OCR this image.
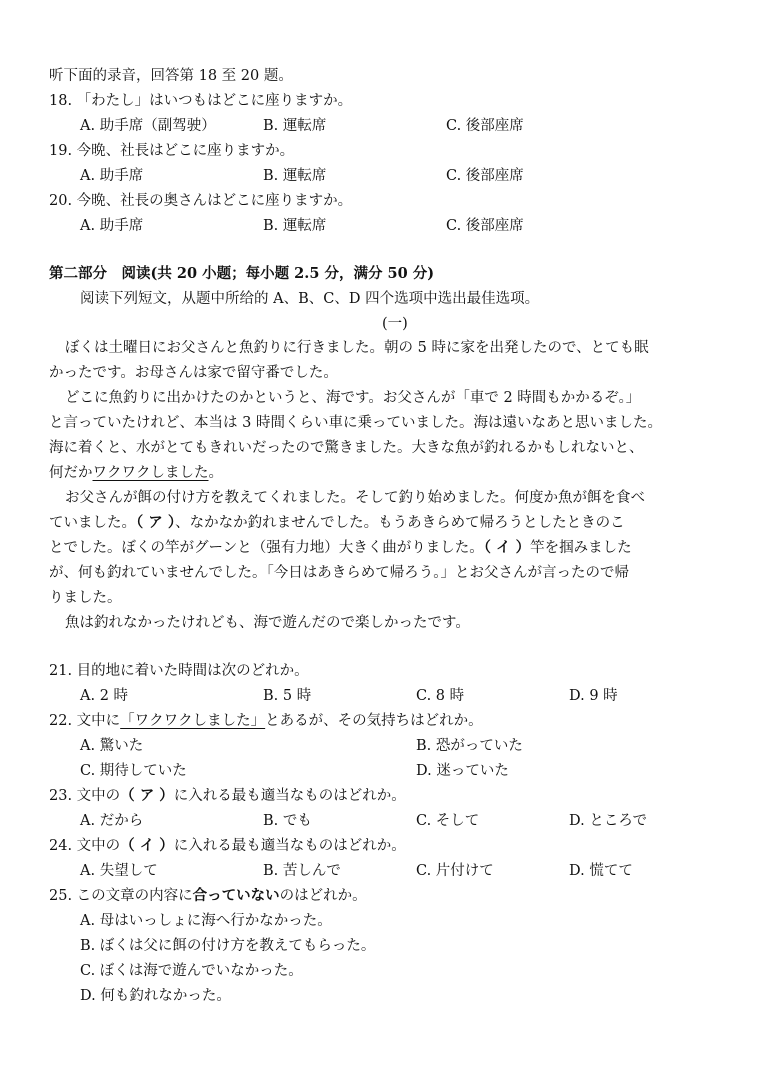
听下面的录音，回答第 18 至 20 题。
18. 「わたし」はいつもはどこに座りますか。
A. 助手席（副驾驶）	B. 運転席	C. 後部座席
19. 今晩、社長はどこに座りますか。
A. 助手席	B. 運転席	C. 後部座席
20. 今晩、社長の奥さんはどこに座りますか。
A. 助手席	B. 運転席	C. 後部座席
第二部分　阅读(共 20 小题；每小题 2.5 分，满分 50 分)
阅读下列短文，从题中所给的 A、B、C、D 四个选项中选出最佳选项。
(一)
ぼくは土曜日にお父さんと魚釣りに行きました。朝の 5 時に家を出発したので、とても眠
かったです。お母さんは家で留守番でした。
どこに魚釣りに出かけたのかというと、海です。お父さんが「車で 2 時間もかかるぞ。」
と言っていたけれど、本当は 3 時間くらい車に乗っていました。海は遠いなあと思いました。
海に着くと、水がとてもきれいだったので驚きました。大きな魚が釣れるかもしれないと、
何だかワクワクしました。
お父さんが餌の付け方を教えてくれました。そして釣り始めました。何度か魚が餌を食べ
ていました。（ ア ）、なかなか釣れませんでした。もうあきらめて帰ろうとしたときのこ
とでした。ぼくの竿がグーンと（强有力地）大きく曲がりました。（ イ ）竿を掴みました
が、何も釣れていませんでした。「今日はあきらめて帰ろう。」とお父さんが言ったので帰
りました。
魚は釣れなかったけれども、海で遊んだので楽しかったです。
21. 目的地に着いた時間は次のどれか。
A. 2 時	B. 5 時	C. 8 時	D. 9 時
22. 文中に「ワクワクしました」とあるが、その気持ちはどれか。
A. 驚いた	B. 恐がっていた
C. 期待していた	D. 迷っていた
23. 文中の（ ア ）に入れる最も適当なものはどれか。
A. だから	B. でも	C. そして	D. ところで
24. 文中の（ イ ）に入れる最も適当なものはどれか。
A. 失望して	B. 苦しんで	C. 片付けて	D. 慌てて
25. この文章の内容に合っていないのはどれか。
A. 母はいっしょに海へ行かなかった。
B. ぼくは父に餌の付け方を教えてもらった。
C. ぼくは海で遊んでいなかった。
D. 何も釣れなかった。
